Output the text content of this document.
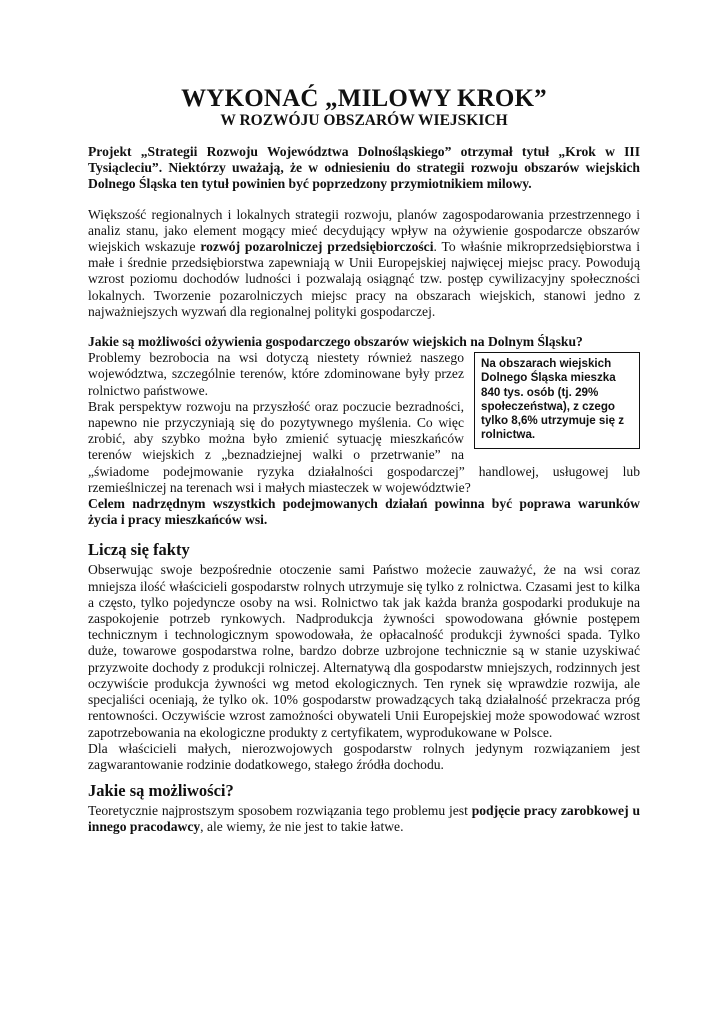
WYKONAĆ „MILOWY KROK”
W ROZWÓJU OBSZARÓW WIEJSKICH

Projekt „Strategii Rozwoju Województwa Dolnośląskiego” otrzymał tytuł „Krok w III Tysiącleciu”. Niektórzy uważają, że w odniesieniu do strategii rozwoju obszarów wiejskich Dolnego Śląska ten tytuł powinien być poprzedzony przymiotnikiem milowy.

Większość regionalnych i lokalnych strategii rozwoju, planów zagospodarowania przestrzennego i analiz stanu, jako element mogący mieć decydujący wpływ na ożywienie gospodarcze obszarów wiejskich wskazuje rozwój pozarolniczej przedsiębiorczości. To właśnie mikroprzedsiębiorstwa i małe i średnie przedsiębiorstwa zapewniają w Unii Europejskiej najwięcej miejsc pracy. Powodują wzrost poziomu dochodów ludności i pozwalają osiągnąć tzw. postęp cywilizacyjny społeczności lokalnych. Tworzenie pozarolniczych miejsc pracy na obszarach wiejskich, stanowi jedno z najważniejszych wyzwań dla regionalnej polityki gospodarczej.

Jakie są możliwości ożywienia gospodarczego obszarów wiejskich na Dolnym Śląsku?

Na obszarach wiejskich Dolnego Śląska mieszka 840 tys. osób (tj. 29% społeczeństwa), z czego tylko 8,6% utrzymuje się z rolnictwa.

Problemy bezrobocia na wsi dotyczą niestety również naszego województwa, szczególnie terenów, które zdominowane były przez rolnictwo państwowe.

Brak perspektyw rozwoju na przyszłość oraz poczucie bezradności, napewno nie przyczyniają się do pozytywnego myślenia. Co więc zrobić, aby szybko można było zmienić sytuację mieszkańców terenów wiejskich z „beznadziejnej walki o przetrwanie” na „świadome podejmowanie ryzyka działalności gospodarczej” handlowej, usługowej lub rzemieślniczej na terenach wsi i małych miasteczek w województwie?

Celem nadrzędnym wszystkich podejmowanych działań powinna być poprawa warunków życia i pracy mieszkańców wsi.

Liczą się fakty

Obserwując swoje bezpośrednie otoczenie sami Państwo możecie zauważyć, że na wsi coraz mniejsza ilość właścicieli gospodarstw rolnych utrzymuje się tylko z rolnictwa. Czasami jest to kilka a często, tylko pojedyncze osoby na wsi. Rolnictwo tak jak każda branża gospodarki produkuje na zaspokojenie potrzeb rynkowych. Nadprodukcja żywności spowodowana głównie postępem technicznym i technologicznym spowodowała, że opłacalność produkcji żywności spada. Tylko duże, towarowe gospodarstwa rolne, bardzo dobrze uzbrojone technicznie są w stanie uzyskiwać przyzwoite dochody z produkcji rolniczej. Alternatywą dla gospodarstw mniejszych, rodzinnych jest oczywiście produkcja żywności wg metod ekologicznych. Ten rynek się wprawdzie rozwija, ale specjaliści oceniają, że tylko ok. 10% gospodarstw prowadzących taką działalność przekracza próg rentowności. Oczywiście wzrost zamożności obywateli Unii Europejskiej może spowodować wzrost zapotrzebowania na ekologiczne produkty z certyfikatem, wyprodukowane w Polsce.

Dla właścicieli małych, nierozwojowych gospodarstw rolnych jedynym rozwiązaniem jest zagwarantowanie rodzinie dodatkowego, stałego źródła dochodu.

Jakie są możliwości?

Teoretycznie najprostszym sposobem rozwiązania tego problemu jest podjęcie pracy zarobkowej u innego pracodawcy, ale wiemy, że nie jest to takie łatwe.
